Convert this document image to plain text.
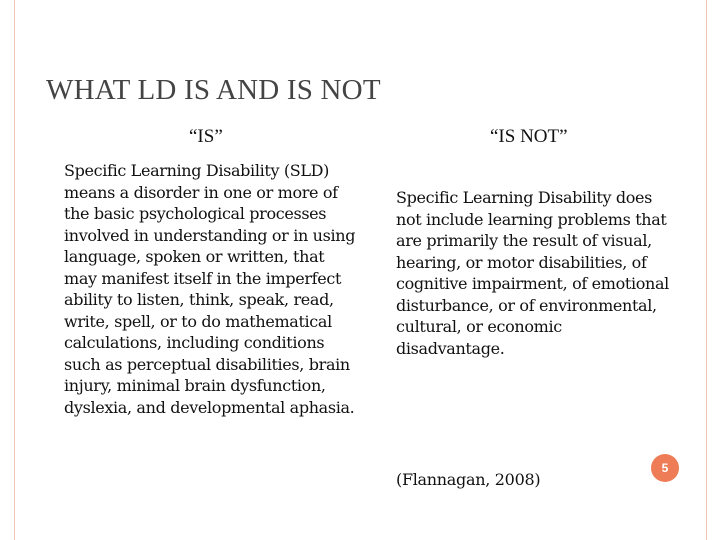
WHAT LD IS AND IS NOT
“IS”	“IS NOT”

Specific Learning Disability (SLD) means a disorder in one or more of the basic psychological processes involved in understanding or in using language, spoken or written, that may manifest itself in the imperfect ability to listen, think, speak, read, write, spell, or to do mathematical calculations, including conditions such as perceptual disabilities, brain injury, minimal brain dysfunction, dyslexia, and developmental aphasia.

Specific Learning Disability does not include learning problems that are primarily the result of visual, hearing, or motor disabilities, of cognitive impairment, of emotional disturbance, or of environmental, cultural, or economic disadvantage.

(Flannagan, 2008)
5
